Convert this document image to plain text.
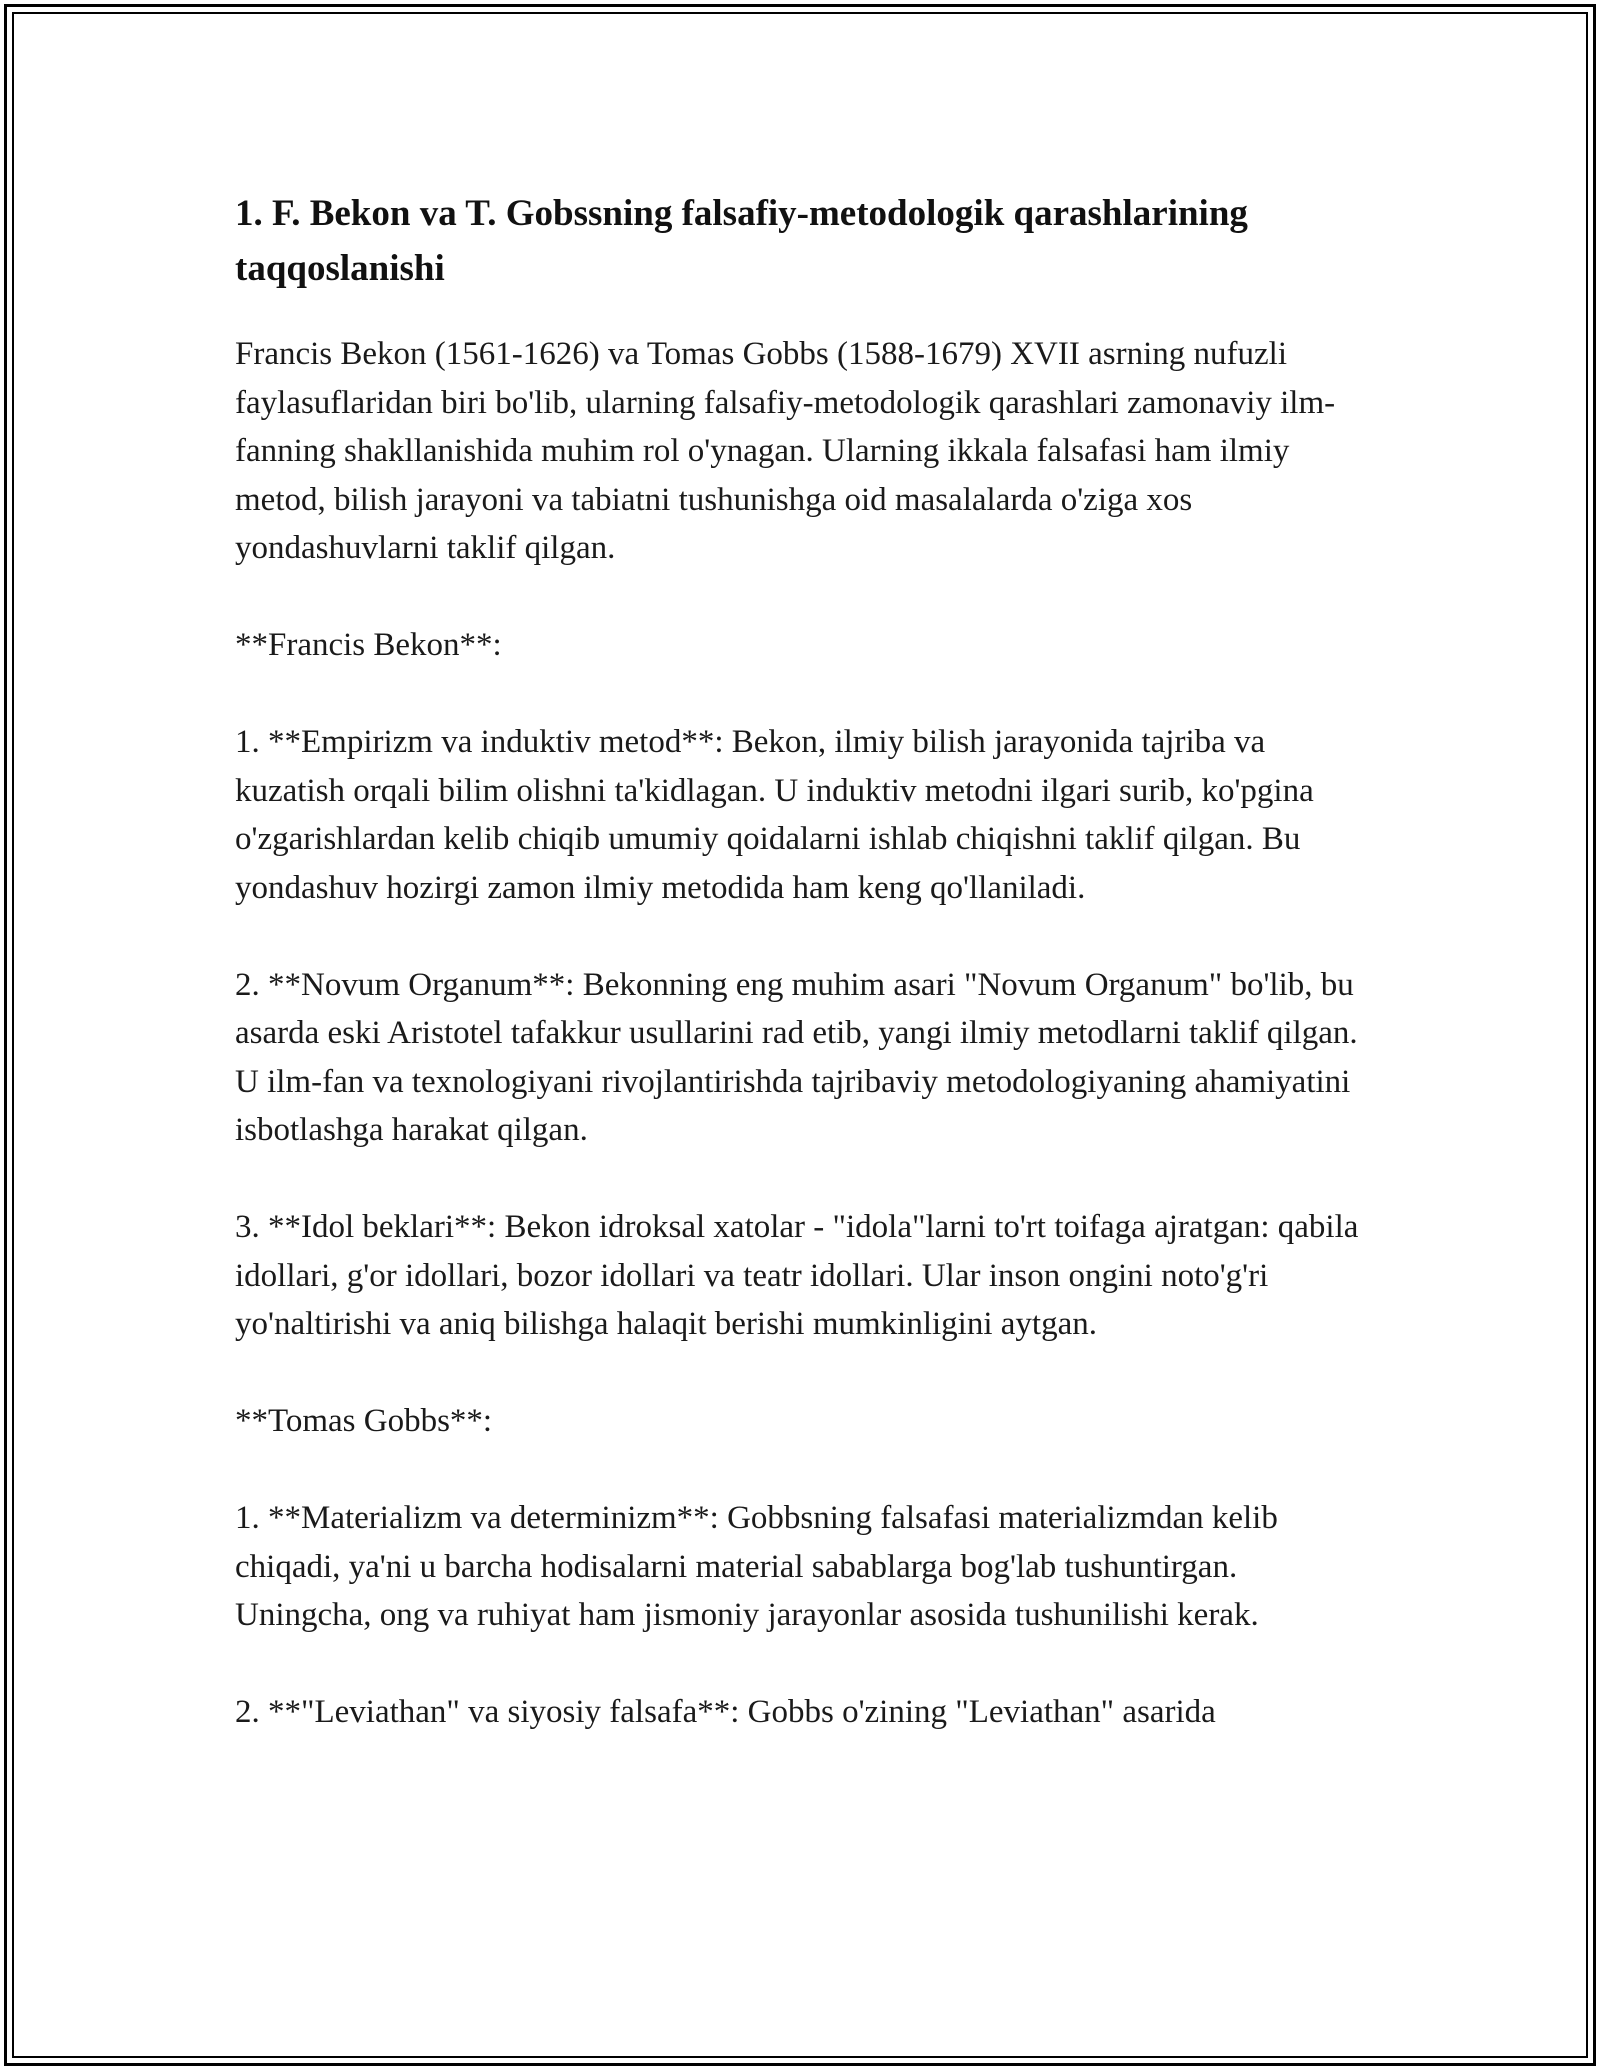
1. F. Bekon va T. Gobssning falsafiy-metodologik qarashlarining taqqoslanishi

Francis Bekon (1561-1626) va Tomas Gobbs (1588-1679) XVII asrning nufuzli faylasuflaridan biri bo'lib, ularning falsafiy-metodologik qarashlari zamonaviy ilm-fanning shakllanishida muhim rol o'ynagan. Ularning ikkala falsafasi ham ilmiy metod, bilish jarayoni va tabiatni tushunishga oid masalalarda o'ziga xos yondashuvlarni taklif qilgan.

**Francis Bekon**:

1. **Empirizm va induktiv metod**: Bekon, ilmiy bilish jarayonida tajriba va kuzatish orqali bilim olishni ta'kidlagan. U induktiv metodni ilgari surib, ko'pgina o'zgarishlardan kelib chiqib umumiy qoidalarni ishlab chiqishni taklif qilgan. Bu yondashuv hozirgi zamon ilmiy metodida ham keng qo'llaniladi.

2. **Novum Organum**: Bekonning eng muhim asari "Novum Organum" bo'lib, bu asarda eski Aristotel tafakkur usullarini rad etib, yangi ilmiy metodlarni taklif qilgan. U ilm-fan va texnologiyani rivojlantirishda tajribaviy metodologiyaning ahamiyatini isbotlashga harakat qilgan.

3. **Idol beklari**: Bekon idroksal xatolar - "idola"larni to'rt toifaga ajratgan: qabila idollari, g'or idollari, bozor idollari va teatr idollari. Ular inson ongini noto'g'ri yo'naltirishi va aniq bilishga halaqit berishi mumkinligini aytgan.

**Tomas Gobbs**:

1. **Materializm va determinizm**: Gobbsning falsafasi materializmdan kelib chiqadi, ya'ni u barcha hodisalarni material sabablarga bog'lab tushuntirgan. Uningcha, ong va ruhiyat ham jismoniy jarayonlar asosida tushunilishi kerak.

2. **"Leviathan" va siyosiy falsafa**: Gobbs o'zining "Leviathan" asarida
